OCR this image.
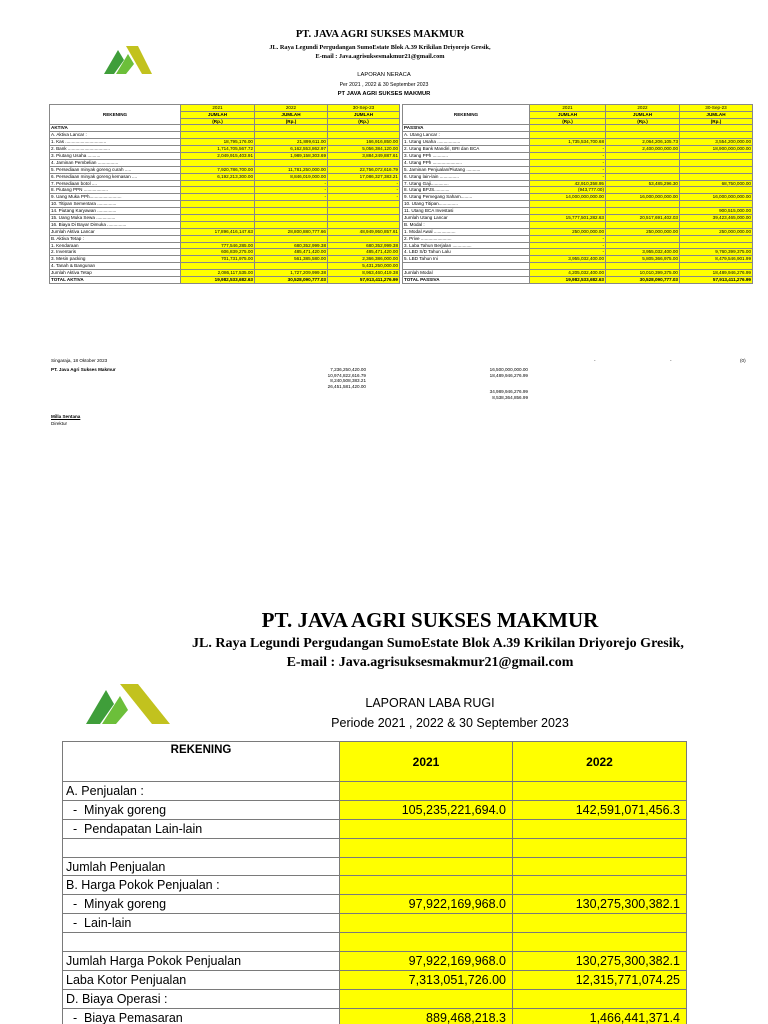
PT. JAVA AGRI SUKSES MAKMUR
JL. Raya Legundi Pergudangan SumoEstate Blok A.39 Krikilan Driyorejo Gresik,
E-mail : Java.agrisuksesmakmur21@gmail.com
LAPORAN NERACA
Per 2021 , 2022 & 30 September 2023
PT JAVA AGRI SUKSES MAKMUR
REKENING	2021	2022	30-Sep-23
	JUMLAH	JUMLAH	JUMLAH
	(Rp.)	(Rp.)	(Rp.)
AKTIVA			
A. Aktiva Lancar :			
1. Kas ................................	18,795,176.00	21,899,611.00	166,916,850.00
2. Bank .................................	1,714,705,567.72	6,162,553,862.97	5,056,384,120.00
3. Piutang Usaha ..........	2,049,915,403.91	1,989,158,303.69	3,884,249,887.61
4. Jaminan Pembelian ................			
5. Persediaan minyak goreng curah .....	7,920,786,700.00	11,781,250,000.00	22,756,072,616.79
6. Persediaan minyak goreng kemasan ....	6,192,213,300.00	8,846,019,000.00	17,086,327,383.21
7. Persediaan botol ....		-	-
8. Piutang PPN ...................		-	-
9. Uang Muka PPh.........................		-	-
10. Titipan Sementara ...............			
14. Piutang Karyawan ...............			
15. Uang Muka Sewa ...............			
16. Biaya Di Bayar Dimuka ...............			
Jumlah Aktiva Lancar	17,896,416,147.63	28,800,880,777.66	48,949,950,857.61
B. Aktiva Tetap :			
1. Kendaraan	777,546,285.00	680,352,999.38	680,352,999.38
2. Inventaris	606,839,275.00	485,471,420.00	485,471,420.00
3. Mesin packing	701,731,975.00	561,385,580.00	2,366,386,000.00
4. Tanah & Bangunan			5,431,250,000.00
Jumlah Aktiva Tetap	2,086,117,535.00	1,727,209,999.38	8,963,460,419.38
TOTAL AKTIVA	19,982,533,682.63	30,528,090,777.03	57,913,411,276.99
REKENING	2021	2022	30-Sep-23
	JUMLAH	JUMLAH	JUMLAH
	(Rp.)	(Rp.)	(Rp.)
PASSIVA			
A. Utang Lancar :			
1. Utang Usaha ..................	1,735,534,700.68	2,064,206,105.73	3,554,200,000.00
2. Utang Bank Mandiri, BRI dan BCA	-	2,400,000,000.00	18,900,000,000.00
3. Utang PPh ............	-		
4. Utang PPh .......................	-		
5. Jaminan Penjualan/Piutang ...........	-		
6. Utang lain-lain ...............	-		
7. Utang Gaji..............	42,910,358.95	53,485,296.30	68,750,000.00
8. Utang BPJS............	(943,777.00)		
9. Utang Pemegang Saham.........	14,000,000,000.00	16,000,000,000.00	16,000,000,000.00
10. Utang Titipan...............			
11. Utang BCA Investasi			900,515,000.00
Jumlah Utang Lancar	15,777,501,282.63	20,517,691,402.03	39,423,465,000.00
B. Modal :			
1. Modal Awal .................	250,000,000.00	250,000,000.00	250,000,000.00
2. Prive ........................	-		
3. Laba Tahun Berjalan ...............	-		
4. LBD S/D Tahun Lalu	-	3,955,032,400.00	9,760,399,375.00
5. LBD Tahun Ini	3,955,032,400.00	5,805,366,975.00	8,479,546,901.99

Jumlah Modal	4,205,032,400.00	10,010,399,375.00	18,489,946,276.99
TOTAL PASSIVA	19,982,533,682.63	30,528,090,777.03	57,913,411,276.99
-	-	(0)
Singaraja, 18 Oktober 2023
PT. Java Agri Sukses Makmur	7,236,250,420.00
10,974,822,616.79
8,240,508,383.21
26,451,581,420.00
16,500,000,000.00
18,489,946,276.99
34,989,946,276.99
8,538,364,856.99
Milla Sentana
Direktur
PT. JAVA AGRI SUKSES MAKMUR
JL. Raya Legundi Pergudangan SumoEstate Blok A.39 Krikilan Driyorejo Gresik,
E-mail : Java.agrisuksesmakmur21@gmail.com
LAPORAN LABA RUGI
Periode 2021 , 2022 & 30 September 2023
REKENING	2021	2022
A. Penjualan :		
-  Minyak goreng	105,235,221,694.0	142,591,071,456.3
-  Pendapatan Lain-lain		

Jumlah Penjualan		
B. Harga Pokok Penjualan :		
-  Minyak goreng	97,922,169,968.0	130,275,300,382.1
-  Lain-lain		

Jumlah Harga Pokok Penjualan	97,922,169,968.0	130,275,300,382.1
Laba Kotor Penjualan	7,313,051,726.00	12,315,771,074.25
D. Biaya Operasi :		
-  Biaya Pemasaran	889,468,218.3	1,466,441,371.4
